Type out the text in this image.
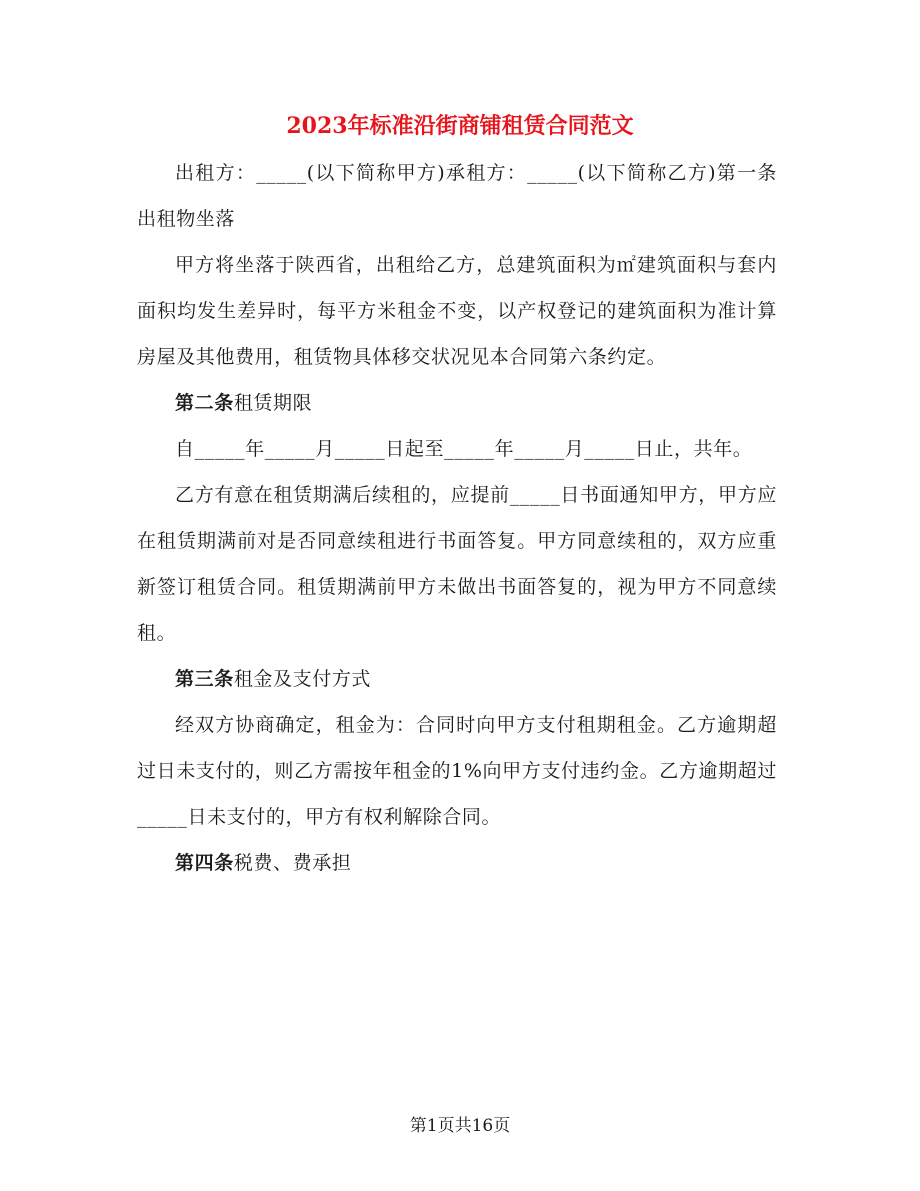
2023年标准沿街商铺租赁合同范文

出租方：_____(以下简称甲方)承租方：_____(以下简称乙方)第一条出租物坐落

甲方将坐落于陕西省，出租给乙方，总建筑面积为㎡建筑面积与套内面积均发生差异时，每平方米租金不变，以产权登记的建筑面积为准计算房屋及其他费用，租赁物具体移交状况见本合同第六条约定。

第二条租赁期限

自_____年_____月_____日起至_____年_____月_____日止，共年。

乙方有意在租赁期满后续租的，应提前_____日书面通知甲方，甲方应在租赁期满前对是否同意续租进行书面答复。甲方同意续租的，双方应重新签订租赁合同。租赁期满前甲方未做出书面答复的，视为甲方不同意续租。

第三条租金及支付方式

经双方协商确定，租金为：合同时向甲方支付租期租金。乙方逾期超过日未支付的，则乙方需按年租金的1%向甲方支付违约金。乙方逾期超过_____日未支付的，甲方有权利解除合同。

第四条税费、费承担

第1页共16页
